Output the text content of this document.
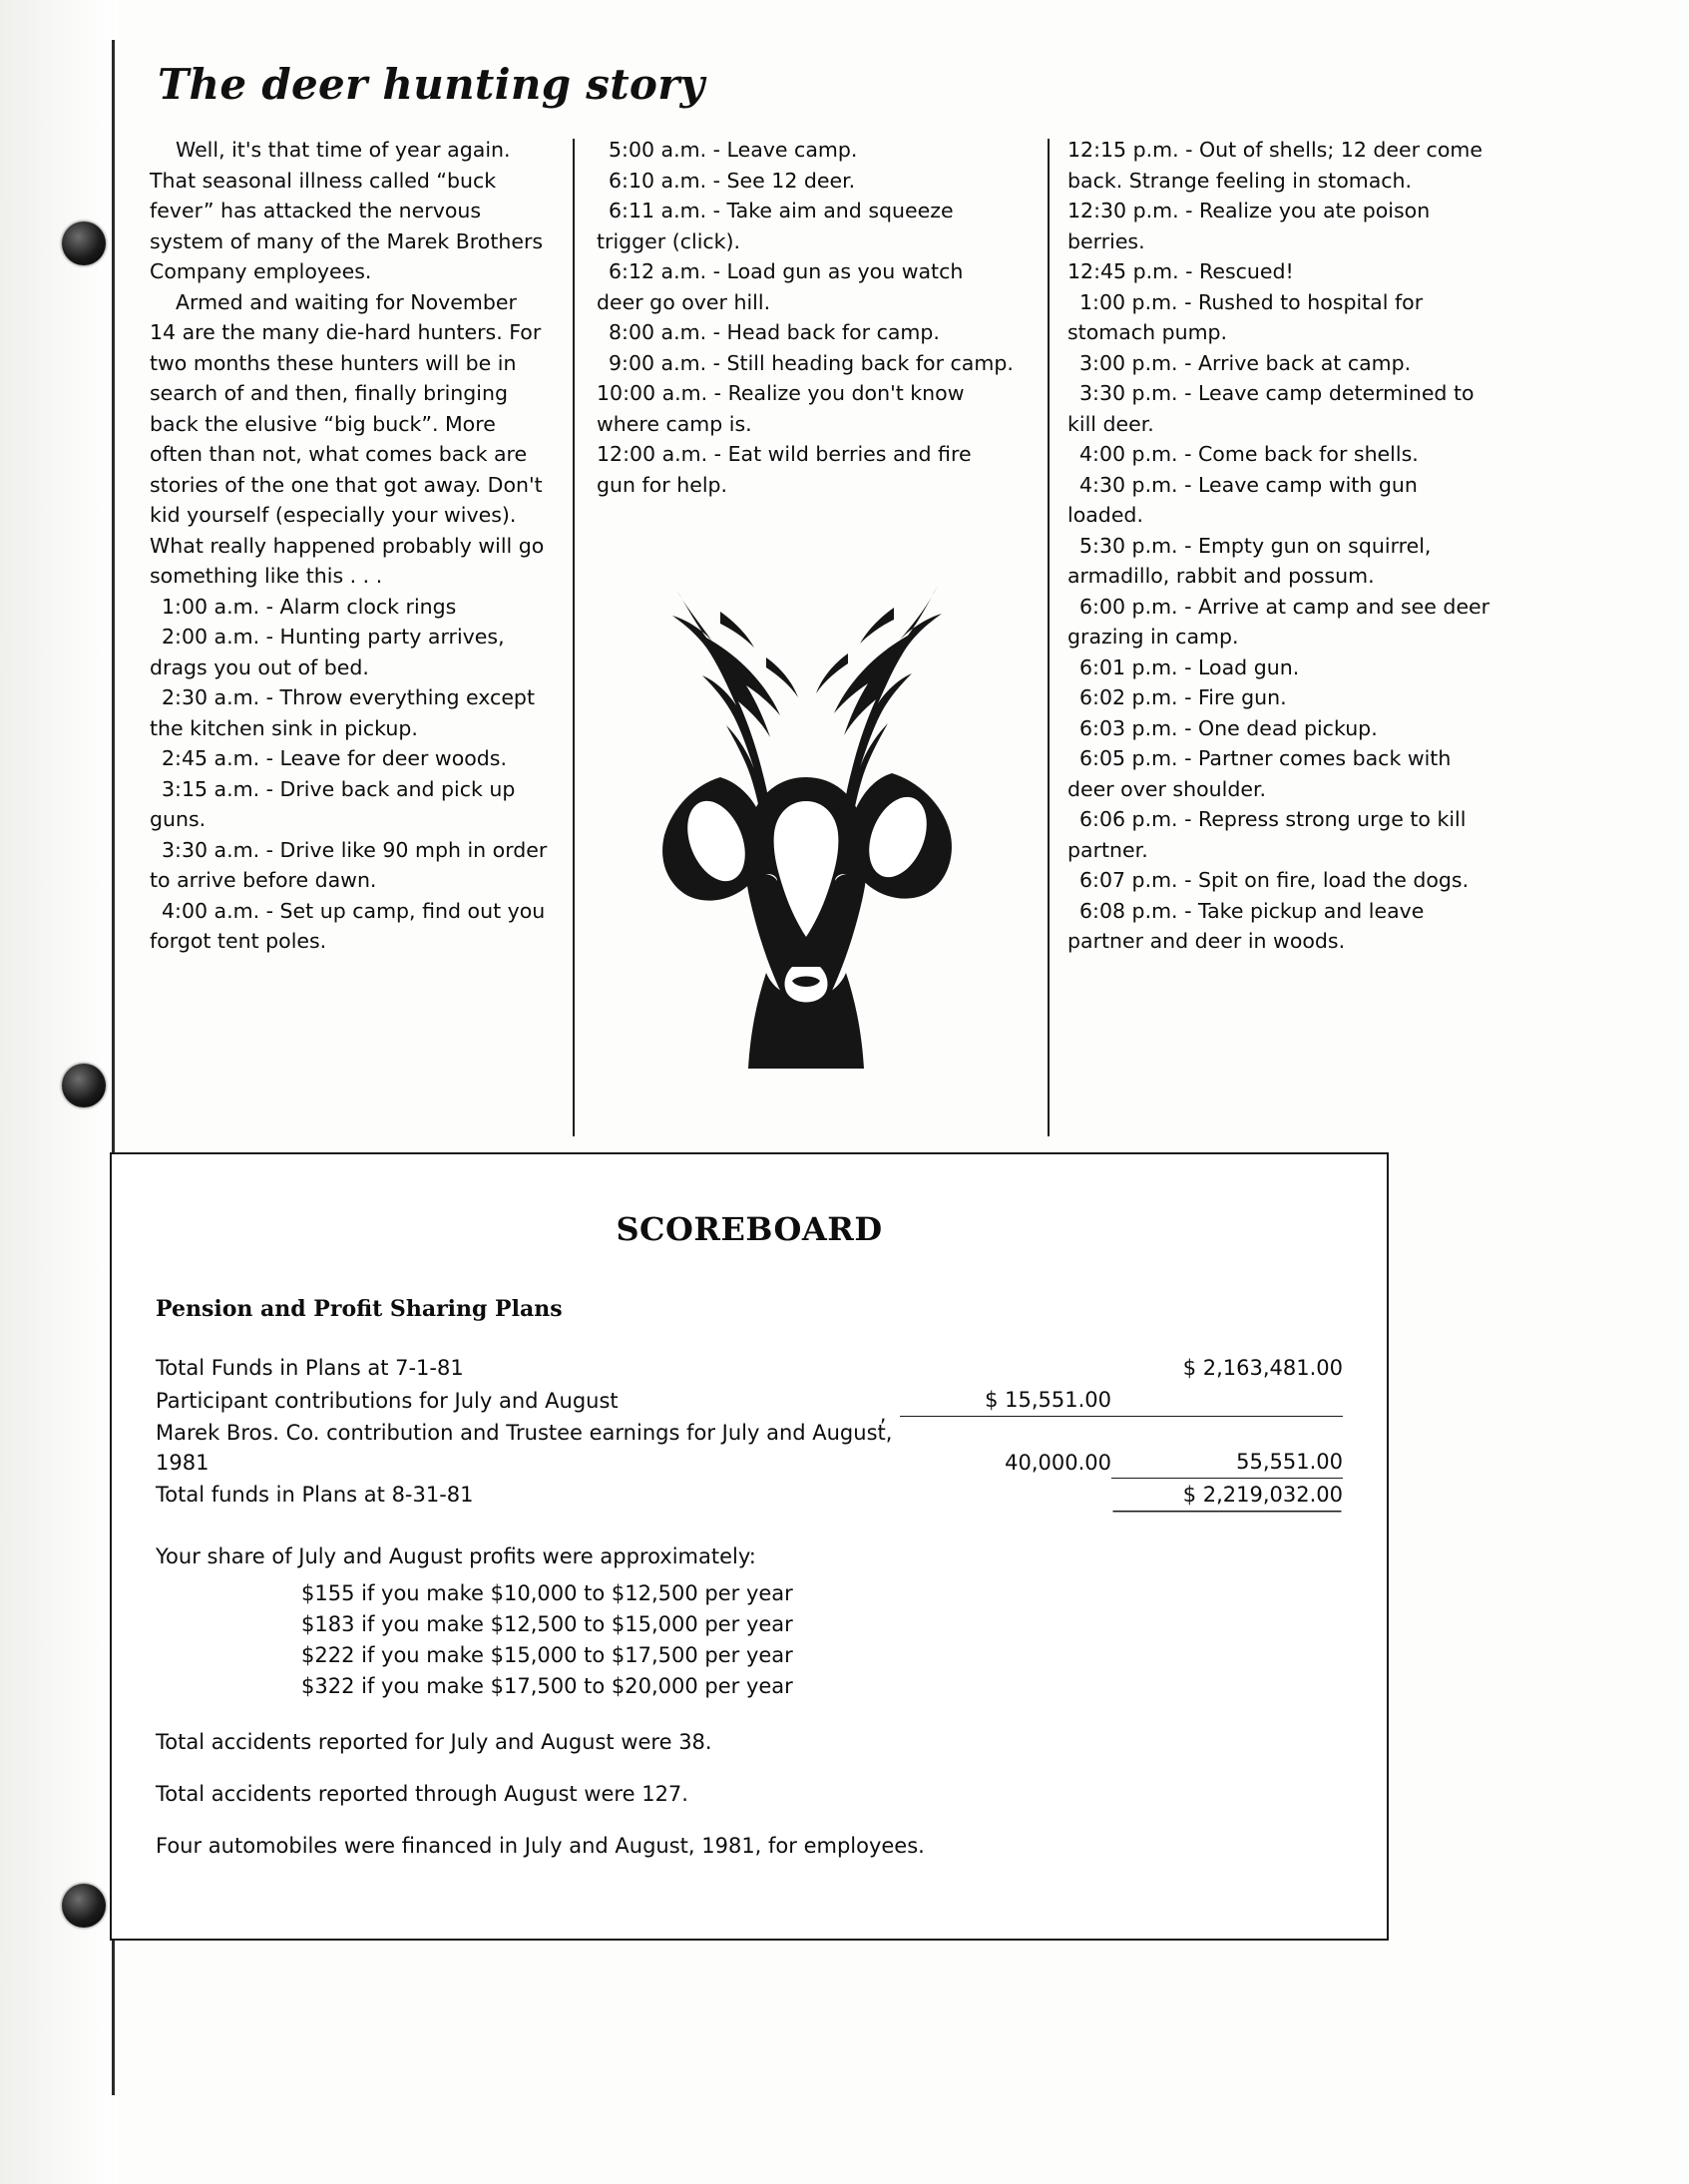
The deer hunting story

Well, it's that time of year again. That seasonal illness called “buck fever” has attacked the nervous system of many of the Marek Brothers Company employees.

Armed and waiting for November 14 are the many die-hard hunters. For two months these hunters will be in search of and then, finally bringing back the elusive “big buck”. More often than not, what comes back are stories of the one that got away. Don't kid yourself (especially your wives). What really happened probably will go something like this . . .

1:00 a.m. - Alarm clock rings

2:00 a.m. - Hunting party arrives, drags you out of bed.

2:30 a.m. - Throw everything except the kitchen sink in pickup.

2:45 a.m. - Leave for deer woods.

3:15 a.m. - Drive back and pick up guns.

3:30 a.m. - Drive like 90 mph in order to arrive before dawn.

4:00 a.m. - Set up camp, find out you forgot tent poles.

5:00 a.m. - Leave camp.

6:10 a.m. - See 12 deer.

6:11 a.m. - Take aim and squeeze trigger (click).

6:12 a.m. - Load gun as you watch deer go over hill.

8:00 a.m. - Head back for camp.

9:00 a.m. - Still heading back for camp.

10:00 a.m. - Realize you don't know where camp is.

12:00 a.m. - Eat wild berries and fire gun for help.

12:15 p.m. - Out of shells; 12 deer come back. Strange feeling in stomach.

12:30 p.m. - Realize you ate poison berries.

12:45 p.m. - Rescued!

1:00 p.m. - Rushed to hospital for stomach pump.

3:00 p.m. - Arrive back at camp.

3:30 p.m. - Leave camp determined to kill deer.

4:00 p.m. - Come back for shells.

4:30 p.m. - Leave camp with gun loaded.

5:30 p.m. - Empty gun on squirrel, armadillo, rabbit and possum.

6:00 p.m. - Arrive at camp and see deer grazing in camp.

6:01 p.m. - Load gun.

6:02 p.m. - Fire gun.

6:03 p.m. - One dead pickup.

6:05 p.m. - Partner comes back with deer over shoulder.

6:06 p.m. - Repress strong urge to kill partner.

6:07 p.m. - Spit on fire, load the dogs.

6:08 p.m. - Take pickup and leave partner and deer in woods.

SCOREBOARD
Pension and Profit Sharing Plans
Total Funds in Plans at 7-1-81		$ 2,163,481.00
Participant contributions for July and August	$ 15,551.00	
Marek Bros. Co. contribution and Trustee earnings for July and August, 1981	40,000.00	55,551.00
Total funds in Plans at 8-31-81		$ 2,219,032.00
,
Your share of July and August profits were approximately:
$155 if you make $10,000 to $12,500 per year
$183 if you make $12,500 to $15,000 per year
$222 if you make $15,000 to $17,500 per year
$322 if you make $17,500 to $20,000 per year
Total accidents reported for July and August were 38.
Total accidents reported through August were 127.
Four automobiles were financed in July and August, 1981, for employees.
